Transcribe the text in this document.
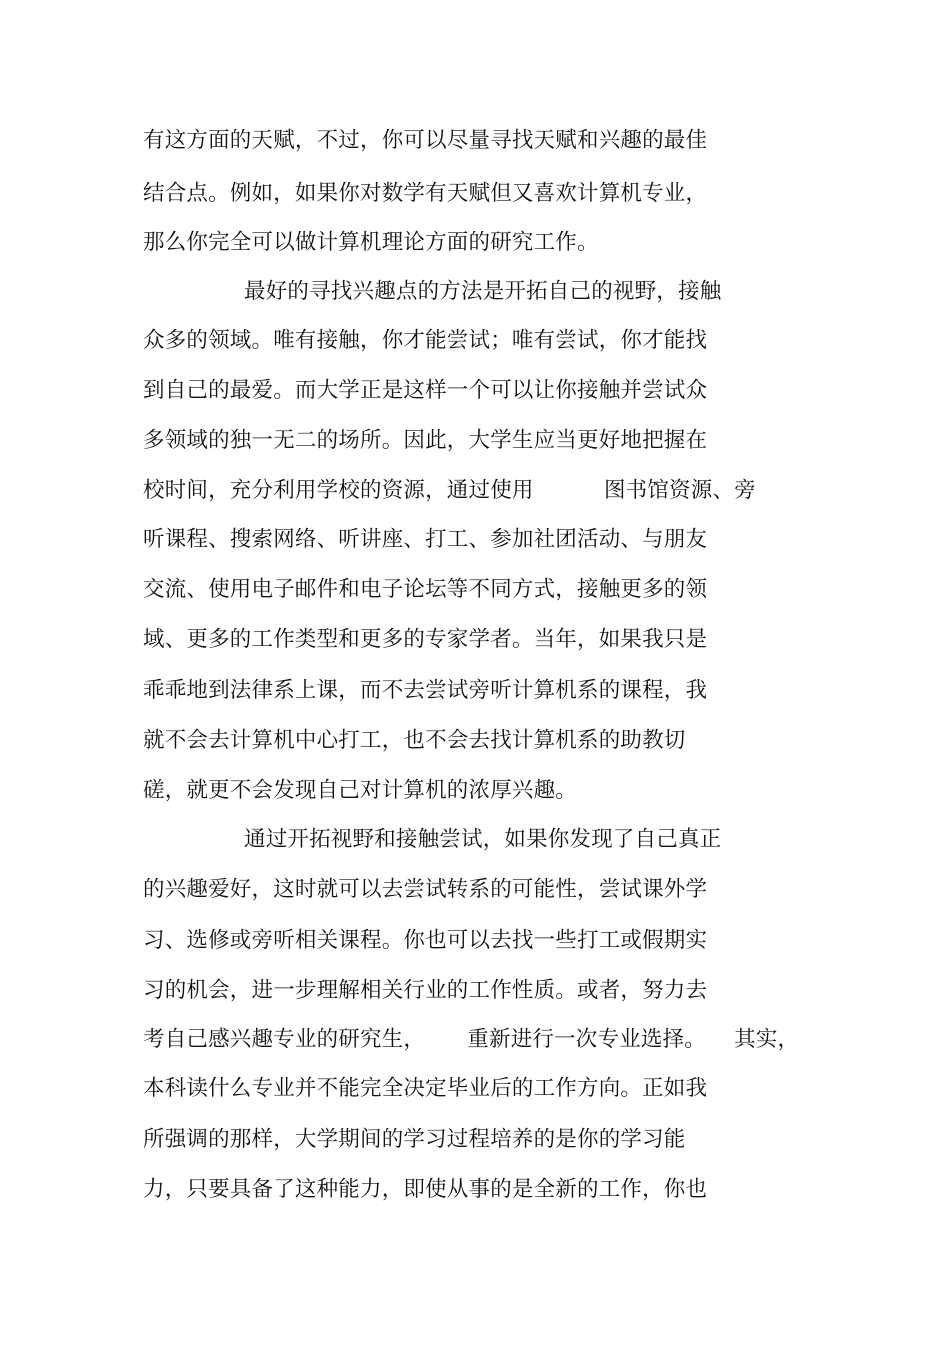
有这方面的天赋，不过，你可以尽量寻找天赋和兴趣的最佳
结合点。例如，如果你对数学有天赋但又喜欢计算机专业，
那么你完全可以做计算机理论方面的研究工作。
最好的寻找兴趣点的方法是开拓自己的视野，接触
众多的领域。唯有接触，你才能尝试；唯有尝试，你才能找
到自己的最爱。而大学正是这样一个可以让你接触并尝试众
多领域的独一无二的场所。因此，大学生应当更好地把握在
校时间，充分利用学校的资源，通过使用          图书馆资源、旁
听课程、搜索网络、听讲座、打工、参加社团活动、与朋友
交流、使用电子邮件和电子论坛等不同方式，接触更多的领
域、更多的工作类型和更多的专家学者。当年，如果我只是
乖乖地到法律系上课，而不去尝试旁听计算机系的课程，我
就不会去计算机中心打工，也不会去找计算机系的助教切
磋，就更不会发现自己对计算机的浓厚兴趣。
通过开拓视野和接触尝试，如果你发现了自己真正
的兴趣爱好，这时就可以去尝试转系的可能性，尝试课外学
习、选修或旁听相关课程。你也可以去找一些打工或假期实
习的机会，进一步理解相关行业的工作性质。或者，努力去
考自己感兴趣专业的研究生，      重新进行一次专业选择。    其实，
本科读什么专业并不能完全决定毕业后的工作方向。正如我
所强调的那样，大学期间的学习过程培养的是你的学习能
力，只要具备了这种能力，即使从事的是全新的工作，你也
